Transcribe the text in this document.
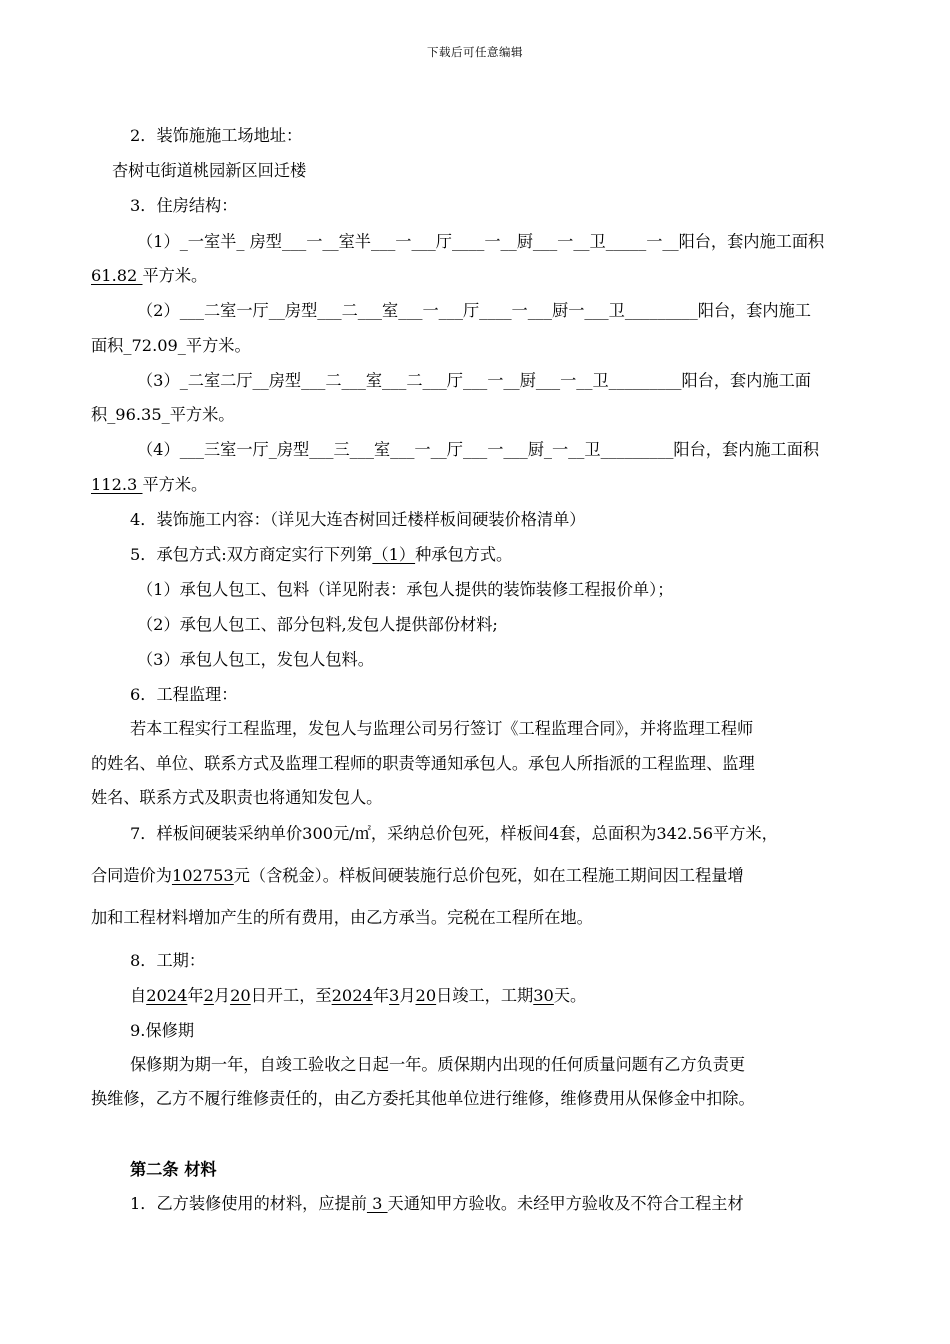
下载后可任意编辑
2．装饰施施工场地址：
杏树屯街道桃园新区回迁楼
3．住房结构：
（1）_一室半_ 房型___一__室半___一___厅____一__厨___一__卫_____一__阳台，套内施工面积
61.82 平方米。
（2）___二室一厅__房型___二___室___一___厅____一___厨一___卫_________阳台，套内施工
面积_72.09_平方米。
（3）_二室二厅__房型___二___室___二___厅___一__厨___一__卫_________阳台，套内施工面
积_96.35_平方米。
（4）___三室一厅_房型___三___室___一__厅___一___厨_一__卫_________阳台，套内施工面积
112.3 平方米。
4．装饰施工内容：（详见大连杏树回迁楼样板间硬装价格清单）
5．承包方式:双方商定实行下列第（1）种承包方式。
（1）承包人包工、包料（详见附表：承包人提供的装饰装修工程报价单）；
（2）承包人包工、部分包料,发包人提供部份材料;
（3）承包人包工，发包人包料。
6．工程监理：
若本工程实行工程监理，发包人与监理公司另行签订《工程监理合同》，并将监理工程师
的姓名、单位、联系方式及监理工程师的职责等通知承包人。承包人所指派的工程监理、监理
姓名、联系方式及职责也将通知发包人。
7．样板间硬装采纳单价300元/㎡，采纳总价包死，样板间4套，总面积为342.56平方米，
合同造价为102753元（含税金）。样板间硬装施行总价包死，如在工程施工期间因工程量增
加和工程材料增加产生的所有费用，由乙方承当。完税在工程所在地。
8．工期：
自2024年2月20日开工，至2024年3月20日竣工，工期30天。
9.保修期
保修期为期一年，自竣工验收之日起一年。质保期内出现的任何质量问题有乙方负责更
换维修，乙方不履行维修责任的，由乙方委托其他单位进行维修，维修费用从保修金中扣除。
第二条 材料
1．乙方装修使用的材料，应提前 3 天通知甲方验收。未经甲方验收及不符合工程主材
